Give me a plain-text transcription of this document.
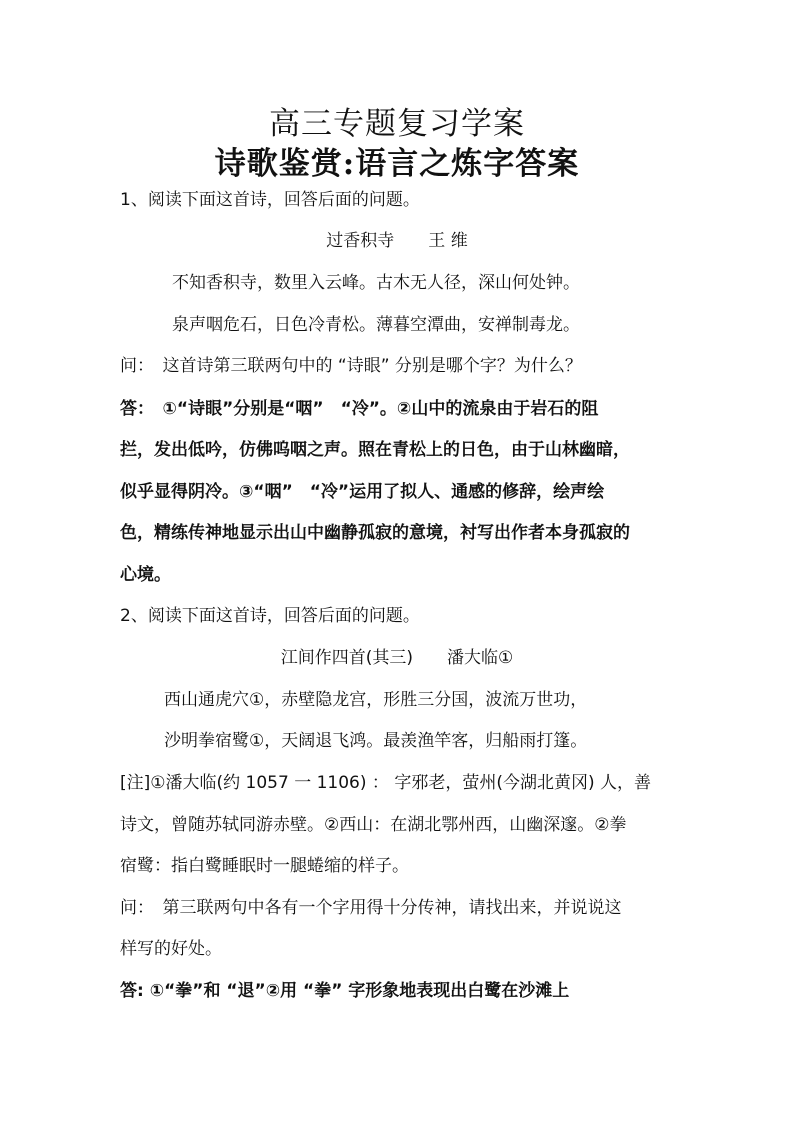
高三专题复习学案
诗歌鉴赏:语言之炼字答案
1、阅读下面这首诗，回答后面的问题。
过香积寺　　王 维
不知香积寺，数里入云峰。古木无人径，深山何处钟。
泉声咽危石，日色冷青松。薄暮空潭曲，安禅制毒龙。
问：　这首诗第三联两句中的 “诗眼” 分别是哪个字？为什么？
答：　①“诗眼”分别是“咽”　“冷”。②山中的流泉由于岩石的阻
拦，发出低吟，仿佛呜咽之声。照在青松上的日色，由于山林幽暗，
似乎显得阴冷。③“咽”　“冷”运用了拟人、通感的修辞，绘声绘
色，精练传神地显示出山中幽静孤寂的意境，衬写出作者本身孤寂的
心境。
2、阅读下面这首诗，回答后面的问题。
江间作四首(其三)　　潘大临①
西山通虎穴①，赤壁隐龙宫，形胜三分国，波流万世功，
沙明拳宿鹭①，天阔退飞鸿。最羡渔竿客，归船雨打篷。
[注]①潘大临(约 1057 一 1106) ： 字邪老，萤州(今湖北黄冈) 人，善
诗文，曾随苏轼同游赤壁。②西山：在湖北鄂州西，山幽深邃。②拳
宿鹭：指白鹭睡眠时一腿蜷缩的样子。
问：　第三联两句中各有一个字用得十分传神，请找出来，并说说这
样写的好处。
答: ①“拳”和 “退”②用 “拳” 字形象地表现出白鹭在沙滩上
